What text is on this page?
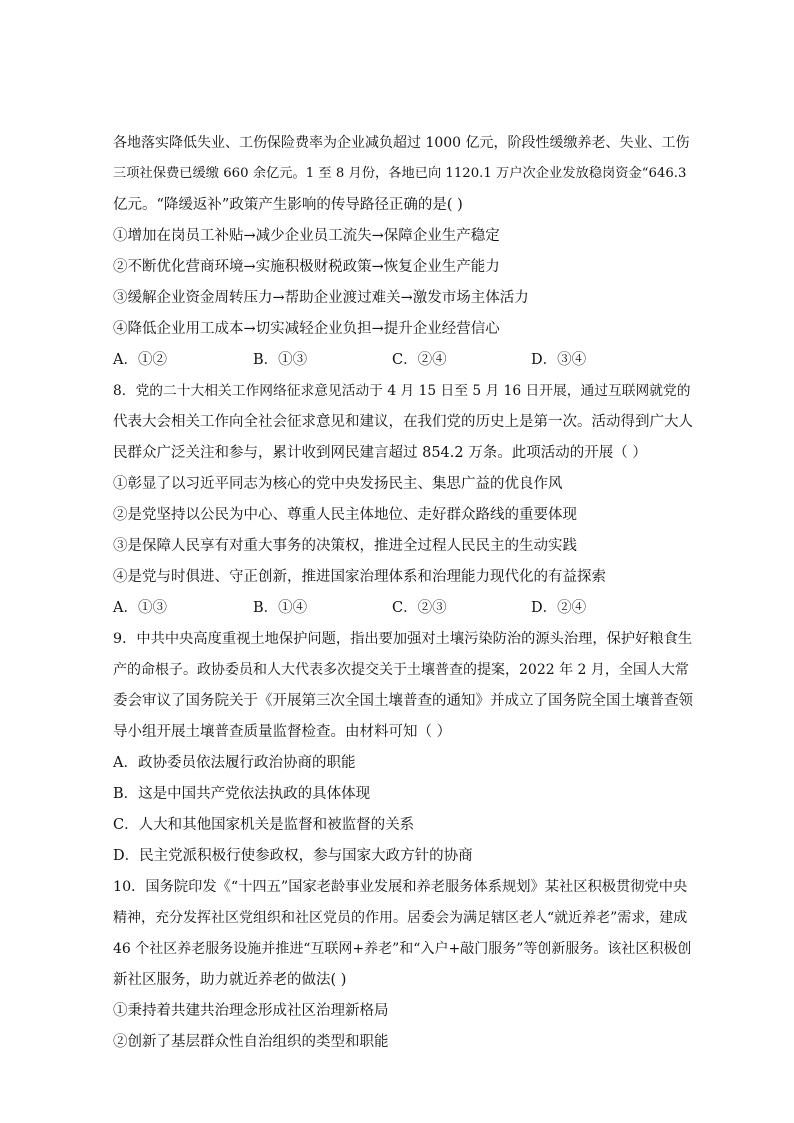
各地落实降低失业、工伤保险费率为企业减负超过 1000 亿元，阶段性缓缴养老、失业、工伤
三项社保费已缓缴 660 余亿元。1 至 8 月份，各地已向 1120.1 万户次企业发放稳岗资金“646.3
亿元。“降缓返补”政策产生影响的传导路径正确的是( )
①增加在岗员工补贴→减少企业员工流失→保障企业生产稳定
②不断优化营商环境→实施积极财税政策→恢复企业生产能力
③缓解企业资金周转压力→帮助企业渡过难关→激发市场主体活力
④降低企业用工成本→切实减轻企业负担→提升企业经营信心
A．①②	B．①③	C．②④	D．③④
8．党的二十大相关工作网络征求意见活动于 4 月 15 日至 5 月 16 日开展，通过互联网就党的
代表大会相关工作向全社会征求意见和建议，在我们党的历史上是第一次。活动得到广大人
民群众广泛关注和参与，累计收到网民建言超过 854.2 万条。此项活动的开展（ ）
①彰显了以习近平同志为核心的党中央发扬民主、集思广益的优良作风
②是党坚持以公民为中心、尊重人民主体地位、走好群众路线的重要体现
③是保障人民享有对重大事务的决策权，推进全过程人民民主的生动实践
④是党与时俱进、守正创新，推进国家治理体系和治理能力现代化的有益探索
A．①③	B．①④	C．②③	D．②④
9．中共中央高度重视土地保护问题，指出要加强对土壤污染防治的源头治理，保护好粮食生
产的命根子。政协委员和人大代表多次提交关于土壤普查的提案，2022 年 2 月，全国人大常
委会审议了国务院关于《开展第三次全国土壤普查的通知》并成立了国务院全国土壤普查领
导小组开展土壤普查质量监督检查。由材料可知（ ）
A．政协委员依法履行政治协商的职能
B．这是中国共产党依法执政的具体体现
C．人大和其他国家机关是监督和被监督的关系
D．民主党派积极行使参政权，参与国家大政方针的协商
10．国务院印发《“十四五”国家老龄事业发展和养老服务体系规划》某社区积极贯彻党中央
精神，充分发挥社区党组织和社区党员的作用。居委会为满足辖区老人“就近养老”需求，建成
46 个社区养老服务设施并推进“互联网+养老”和“入户+敲门服务”等创新服务。该社区积极创
新社区服务，助力就近养老的做法( )
①秉持着共建共治理念形成社区治理新格局
②创新了基层群众性自治组织的类型和职能
